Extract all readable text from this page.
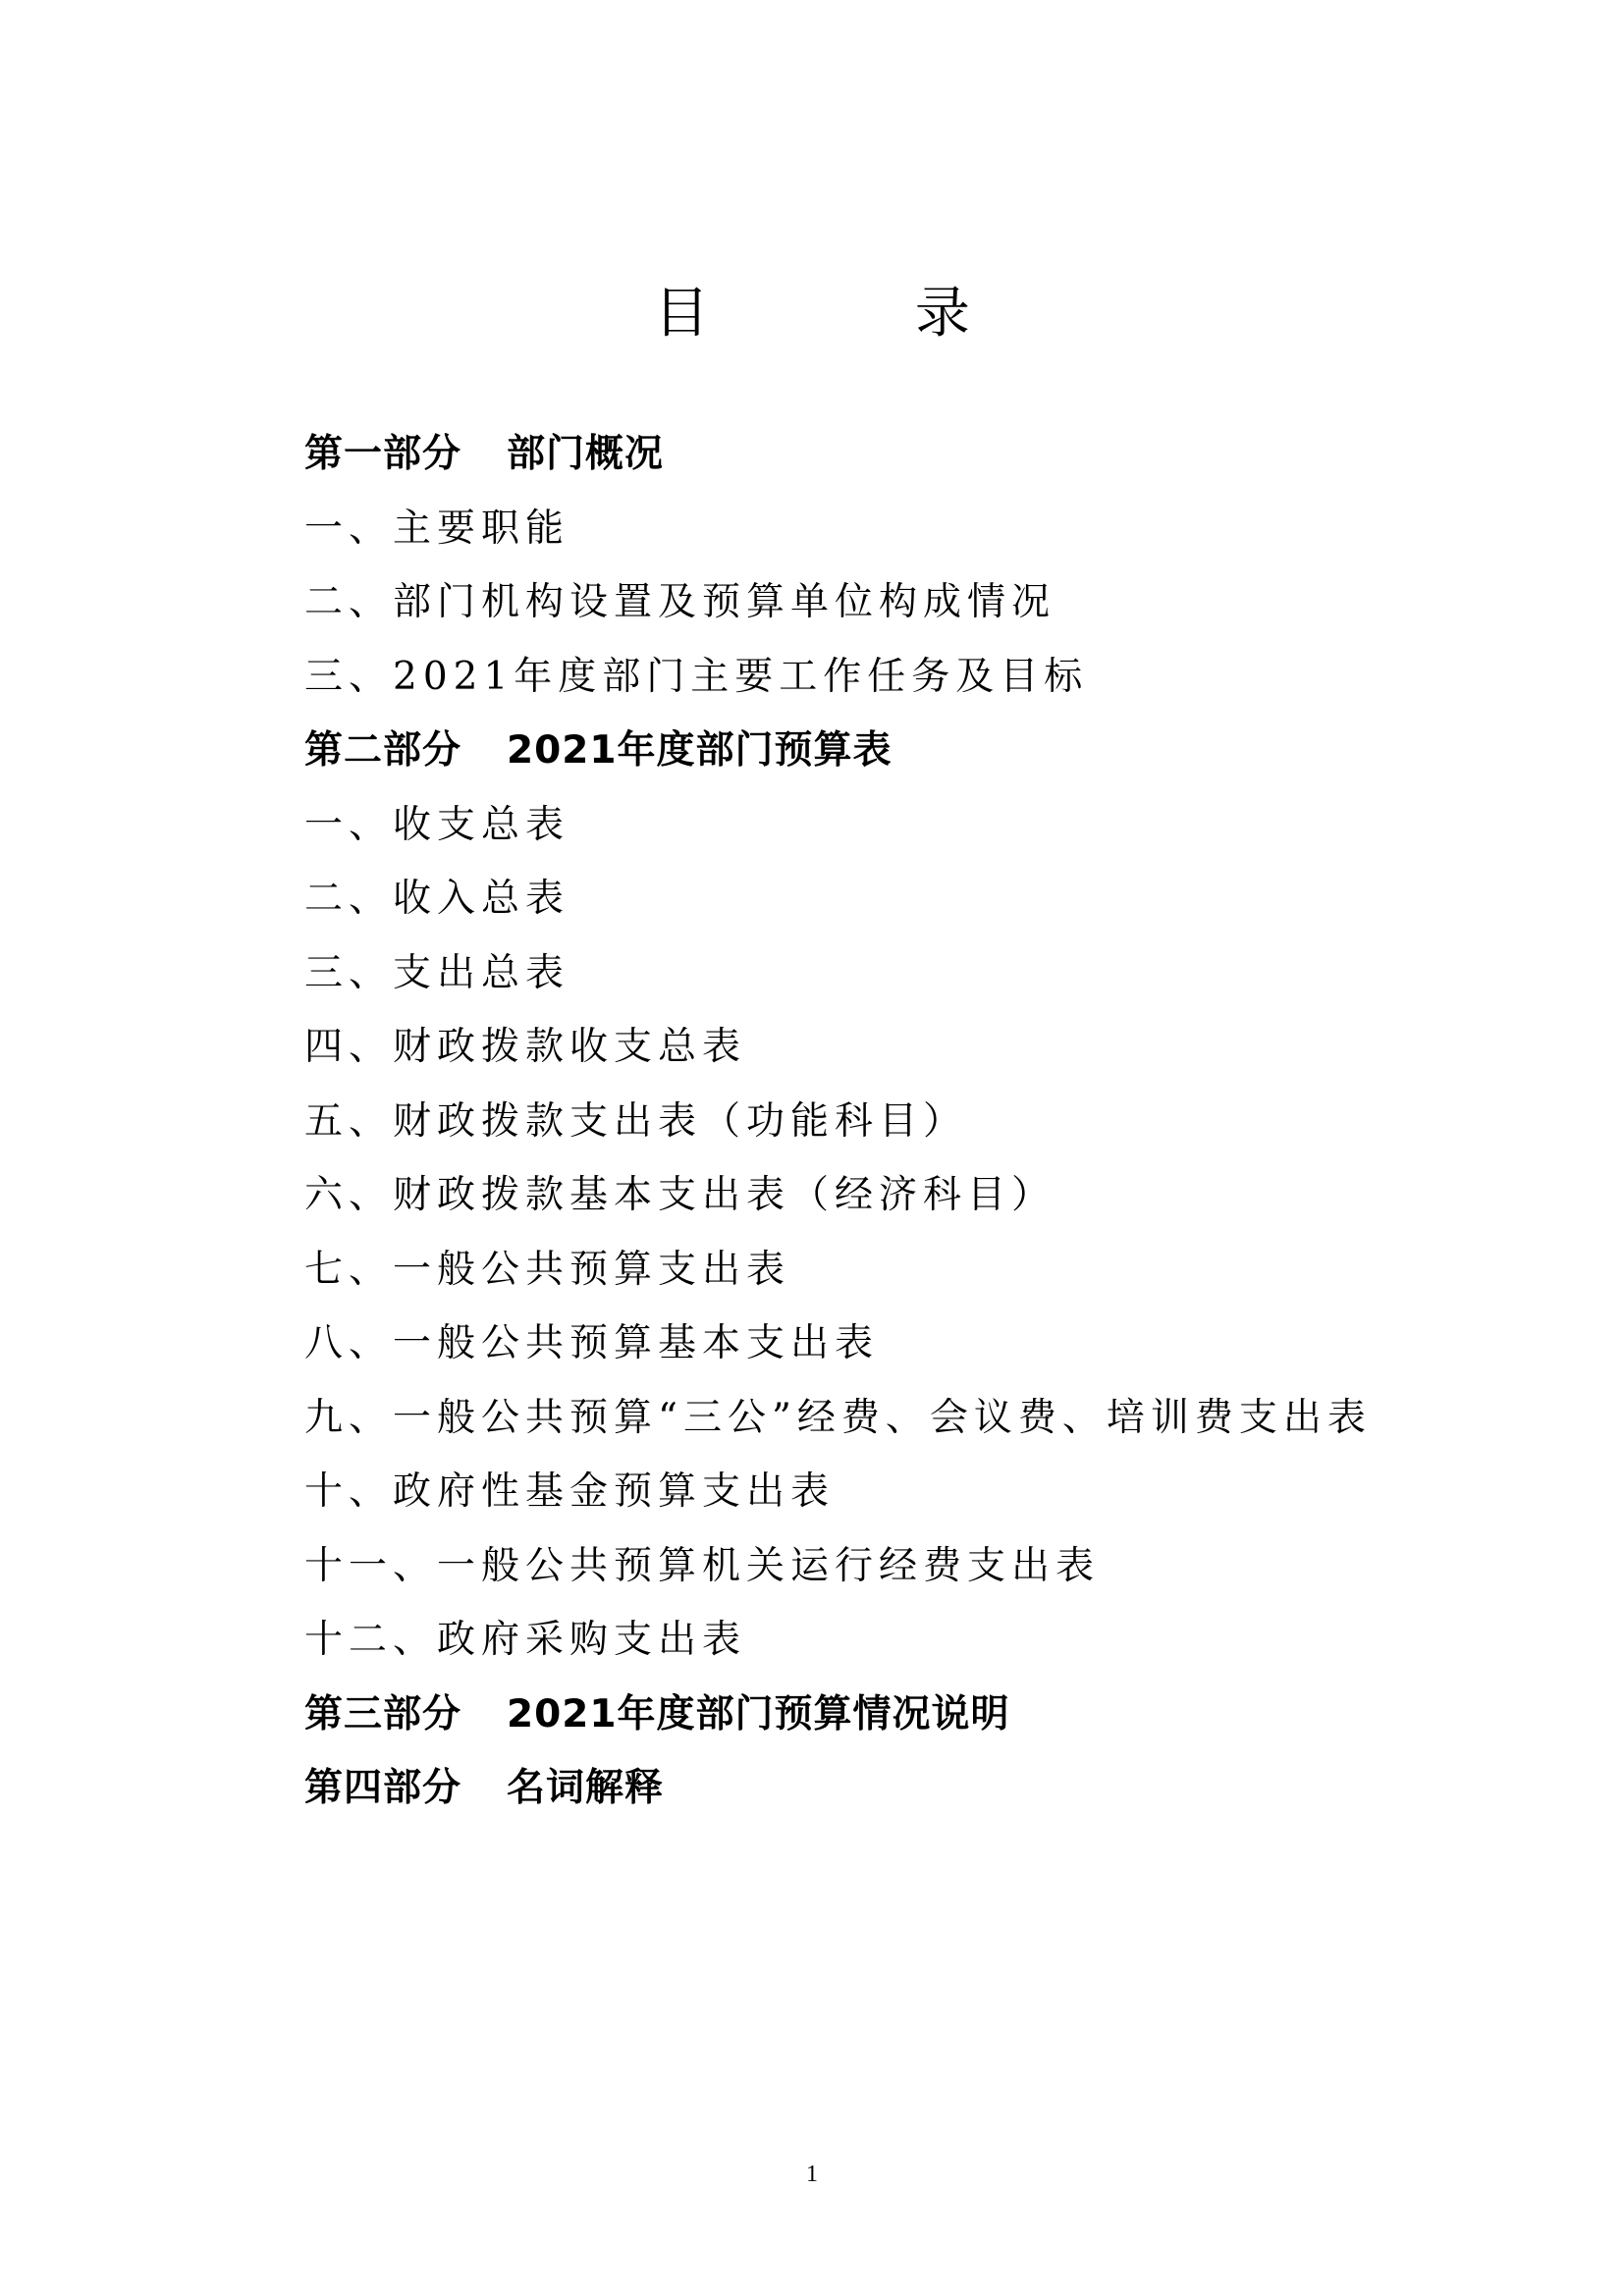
目 录
第一部分 部门概况
一、主要职能
二、部门机构设置及预算单位构成情况
三、2021年度部门主要工作任务及目标
第二部分 2021年度部门预算表
一、收支总表
二、收入总表
三、支出总表
四、财政拨款收支总表
五、财政拨款支出表（功能科目）
六、财政拨款基本支出表（经济科目）
七、一般公共预算支出表
八、一般公共预算基本支出表
九、一般公共预算“三公”经费、会议费、培训费支出表
十、政府性基金预算支出表
十一、一般公共预算机关运行经费支出表
十二、政府采购支出表
第三部分 2021年度部门预算情况说明
第四部分 名词解释
1
